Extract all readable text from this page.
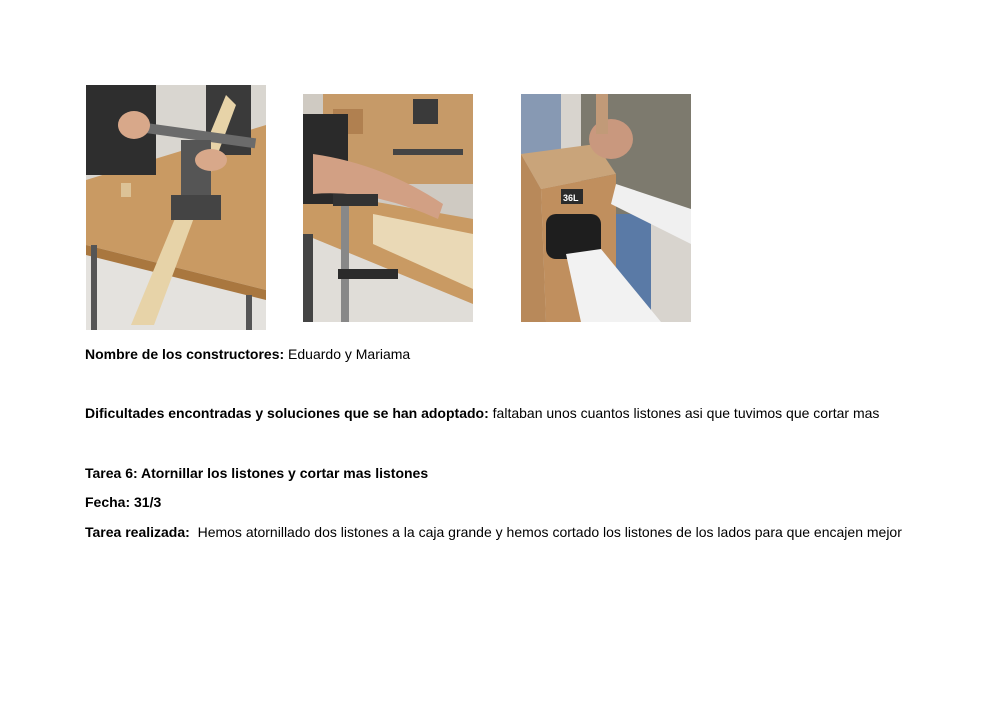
36L
Nombre de los constructores: Eduardo y Mariama
Dificultades encontradas y soluciones que se han adoptado: faltaban unos cuantos listones asi que tuvimos que cortar mas
Tarea 6: Atornillar los listones y cortar mas listones
Fecha: 31/3
Tarea realizada: Hemos atornillado dos listones a la caja grande y hemos cortado los listones de los lados para que encajen mejor
